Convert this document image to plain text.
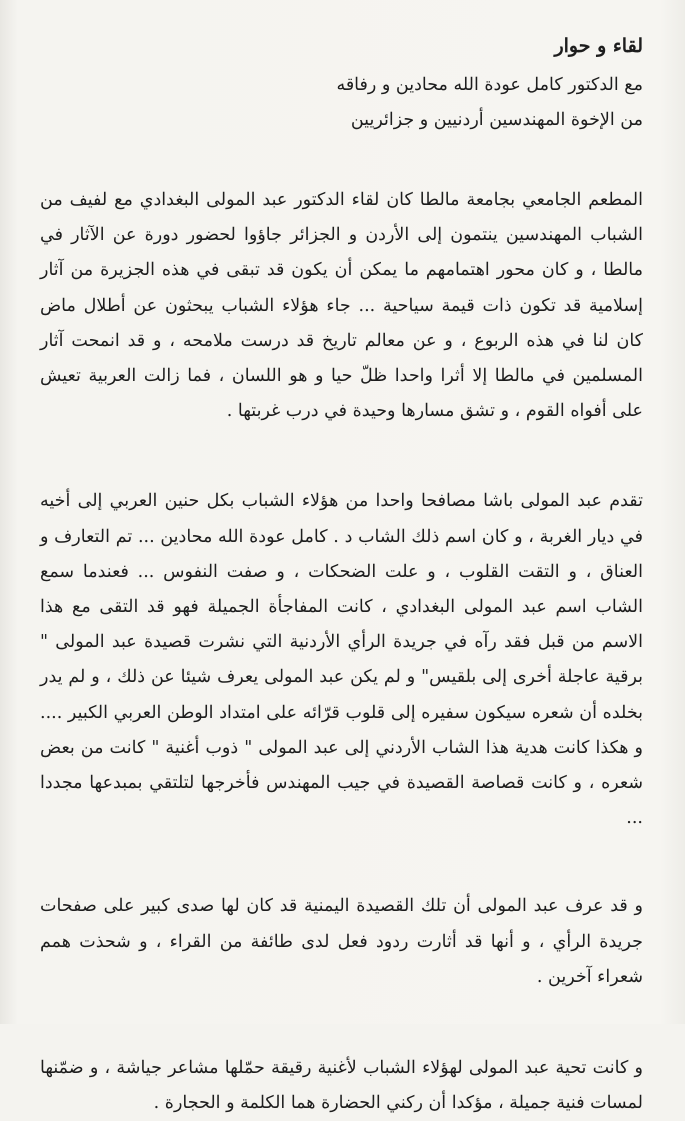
لقاء و حوار

مع الدكتور كامل عودة الله محادين و رفاقه

من الإخوة المهندسين أردنيين و جزائريين

المطعم الجامعي بجامعة مالطا كان لقاء الدكتور عبد المولى البغدادي مع لفيف من الشباب المهندسين ينتمون إلى الأردن و الجزائر جاؤوا لحضور دورة عن الآثار في مالطا ، و كان محور اهتمامهم ما يمكن أن يكون قد تبقى في هذه الجزيرة من آثار إسلامية قد تكون ذات قيمة سياحية ... جاء هؤلاء الشباب يبحثون عن أطلال ماض كان لنا في هذه الربوع ، و عن معالم تاريخ قد درست ملامحه ، و قد انمحت آثار المسلمين في مالطا إلا أثرا واحدا ظلّ حيا و هو اللسان ، فما زالت العربية تعيش على أفواه القوم ، و تشق مسارها وحيدة في درب غربتها .

تقدم عبد المولى باشا مصافحا واحدا من هؤلاء الشباب بكل حنين العربي إلى أخيه في ديار الغربة ، و كان اسم ذلك الشاب د . كامل عودة الله محادين ... تم التعارف و العناق ، و التقت القلوب ، و علت الضحكات ، و صفت النفوس ... فعندما سمع الشاب اسم عبد المولى البغدادي ، كانت المفاجأة الجميلة فهو قد التقى مع هذا الاسم من قبل فقد رآه في جريدة الرأي الأردنية التي نشرت قصيدة عبد المولى " برقية عاجلة أخرى إلى بلقيس" و لم يكن عبد المولى يعرف شيئا عن ذلك ، و لم يدر بخلده أن شعره سيكون سفيره إلى قلوب قرّائه على امتداد الوطن العربي الكبير .... و هكذا كانت هدية هذا الشاب الأردني إلى عبد المولى " ذوب أغنية " كانت من بعض شعره ، و كانت قصاصة القصيدة في جيب المهندس فأخرجها لتلتقي بمبدعها مجددا ...

و قد عرف عبد المولى أن تلك القصيدة اليمنية قد كان لها صدى كبير على صفحات جريدة الرأي ، و أنها قد أثارت ردود فعل لدى طائفة من القراء ، و شحذت همم شعراء آخرين .

و كانت تحية عبد المولى لهؤلاء الشباب لأغنية رقيقة حمّلها مشاعر جياشة ، و ضمّنها لمسات فنية جميلة ، مؤكدا أن ركني الحضارة هما الكلمة و الحجارة .
